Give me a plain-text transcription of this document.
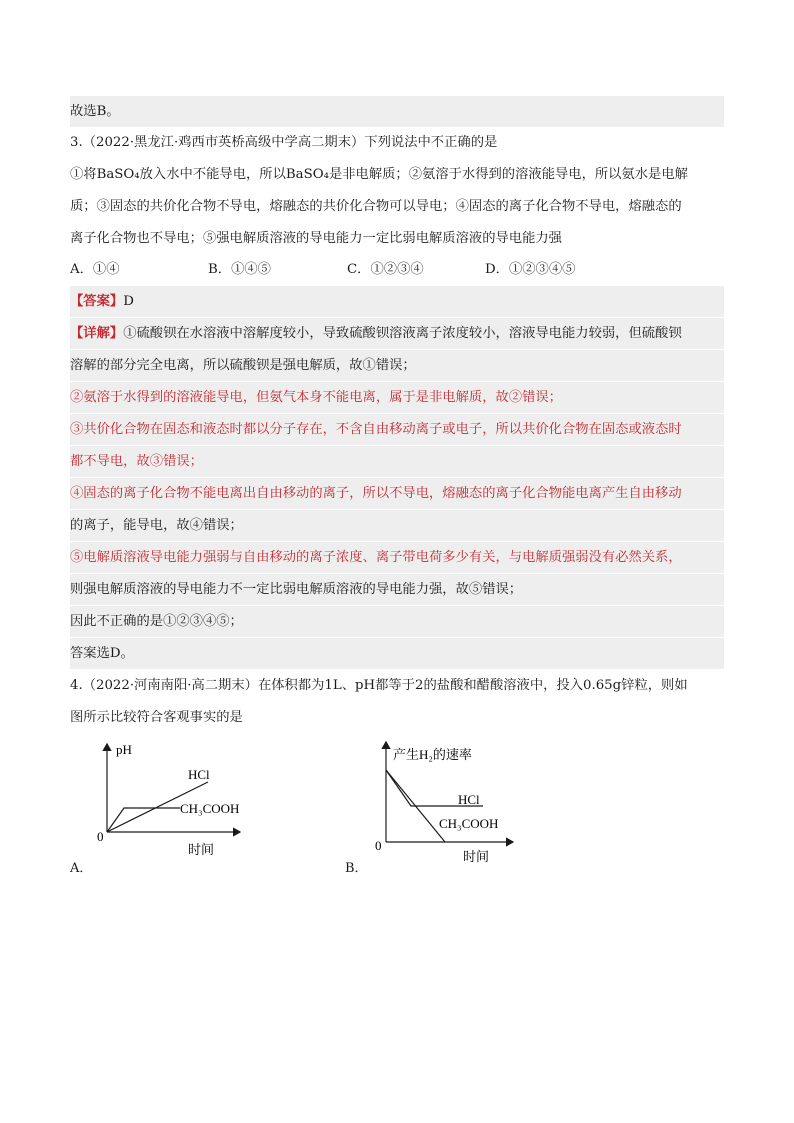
故选B。
3.（2022·黑龙江·鸡西市英桥高级中学高二期末）下列说法中不正确的是
①将BaSO₄放入水中不能导电，所以BaSO₄是非电解质；②氨溶于水得到的溶液能导电，所以氨水是电解
质；③固态的共价化合物不导电，熔融态的共价化合物可以导电；④固态的离子化合物不导电，熔融态的
离子化合物也不导电；⑤强电解质溶液的导电能力一定比弱电解质溶液的导电能力强
A．①④	B．①④⑤	C．①②③④	D．①②③④⑤
【答案】D
【详解】①硫酸钡在水溶液中溶解度较小，导致硫酸钡溶液离子浓度较小，溶液导电能力较弱，但硫酸钡
溶解的部分完全电离，所以硫酸钡是强电解质，故①错误；
②氨溶于水得到的溶液能导电，但氨气本身不能电离，属于是非电解质，故②错误；
③共价化合物在固态和液态时都以分子存在，不含自由移动离子或电子，所以共价化合物在固态或液态时
都不导电，故③错误；
④固态的离子化合物不能电离出自由移动的离子，所以不导电，熔融态的离子化合物能电离产生自由移动
的离子，能导电，故④错误；
⑤电解质溶液导电能力强弱与自由移动的离子浓度、离子带电荷多少有关，与电解质强弱没有必然关系，
则强电解质溶液的导电能力不一定比弱电解质溶液的导电能力强，故⑤错误；
因此不正确的是①②③④⑤；
答案选D。
4.（2022·河南南阳·高二期末）在体积都为1L、pH都等于2的盐酸和醋酸溶液中，投入0.65g锌粒，则如
图所示比较符合客观事实的是
pH
HCl
CH₃COOH
0
时间
A．
产生H₂的速率
HCl
CH₃COOH
0
时间
B．
